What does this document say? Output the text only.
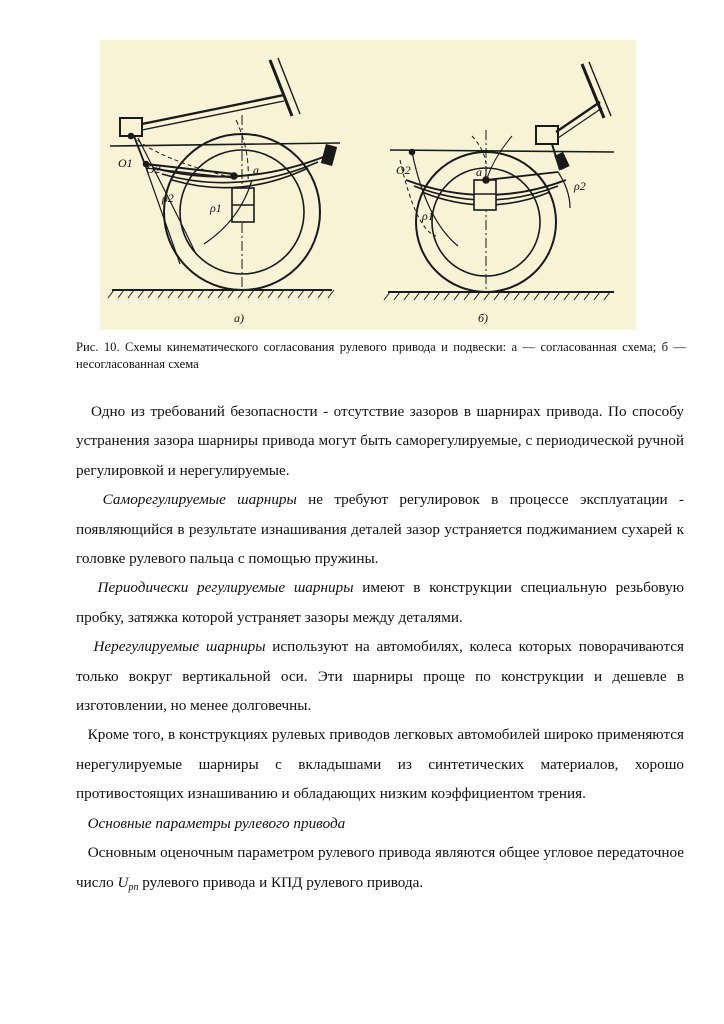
O1 O2	a
ρ1
ρ2
а)
O2	a
ρ1
ρ2
б)
Рис. 10. Схемы кинематического согласования рулевого привода и подвески: а — согласованная схема; б — несогласованная схема

Одно из требований безопасности - отсутствие зазоров в шарнирах привода. По способу устранения зазора шарниры привода могут быть саморегулируемые, с периодической ручной регулировкой и нерегулируемые.

Саморегулируемые шарниры не требуют регулировок в процессе эксплуатации - появляющийся в результате изнашивания деталей зазор устраняется поджиманием сухарей к головке рулевого пальца с помощью пружины.

Периодически регулируемые шарниры имеют в конструкции специальную резьбовую пробку, затяжка которой устраняет зазоры между деталями.

Нерегулируемые шарниры используют на автомобилях, колеса которых поворачиваются только вокруг вертикальной оси. Эти шарниры проще по конструкции и дешевле в изготовлении, но менее долговечны.

Кроме того, в конструкциях рулевых приводов легковых автомобилей широко применяются нерегулируемые шарниры с вкладышами из синтетических материалов, хорошо противостоящих изнашиванию и обладающих низким коэффициентом трения.

Основные параметры рулевого привода

Основным оценочным параметром рулевого привода являются общее угловое передаточное число $U_{рп}$ рулевого привода и КПД рулевого привода.
